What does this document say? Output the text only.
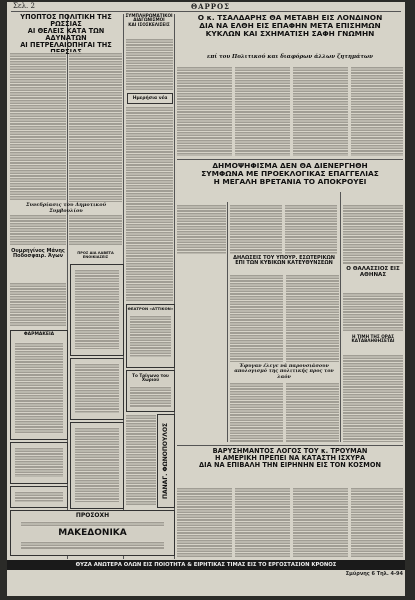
Σελ. 2	ΘΑΡΡΟΣ
ΥΠΟΠΤΟΣ ΠΟΛΙΤΙΚΗ ΤΗΣ ΡΩΣΣΙΑΣ
ΑΙ ΘΕΛΕΙΣ ΚΑΤΑ ΤΩΝ ΑΔΥΝΑΤΩΝ
ΑΙ ΠΕΤΡΕΛΑΙΟΠΗΓΑΙ ΤΗΣ
ΣΥΜΠΛΗΡΩΜΑΤΙΚΟΙ ΔΙΑΓΩΝΙΣΜΟΙ
ΚΑΙ ΙΣΟΣΚΕΛΙΣΕΙΣ
Ημερήσια νέα
Ο κ. ΤΣΑΛΔΑΡΗΣ ΘΑ ΜΕΤΑΒΗ ΕΙΣ ΛΟΝΔΙΝΟΝ
ΔΙΑ ΝΑ ΕΛΘΗ ΕΙΣ ΕΠΑΦΗΝ ΜΕΤΑ ΕΠΙΣΗΜΩΝ
ΚΥΚΛΩΝ ΚΑΙ ΣΧΗΜΑΤΙΣΗ ΣΑΦΗ ΓΝΩΜΗΝ
επί του Πολιτικού και διαφόρων άλλων ζητημάτων
ΔΗΜΟΨΗΦΙΣΜΑ ΔΕΝ ΘΑ ΔΙΕΝΕΡΓΗΘΗ
ΣΥΜΦΩΝΑ ΜΕ ΠΡΟΕΚΛΟΓΙΚΑΣ ΕΠΑΓΓΕΛΙΑΣ
Η ΜΕΓΑΛΗ ΒΡΕΤΑΝΙΑ ΤΟ ΑΠΟΚΡΟΥΕΙ
ΔΗΛΩΣΕΙΣ ΤΟΥ ΥΠΟΥΡ. ΕΣΩΤΕΡΙΚΩΝ
ΕΠΙ ΤΩΝ ΚΥΒΙΚΩΝ ΚΑΤΕΥΘΥΝΣΕΩΝ
Έφυγαν έλεγε νά παρουσιάσουν απολογισμό της πολιτικής προς τον λαόν
Ο ΘΑΛΑΣΣΙΟΣ ΕΙΣ ΑΘΗΝΑΣ
Η ΤΙΜΗ ΤΗΣ ΟΡΑΣ ΚΑΤΑΒΛΗΘΗΣΕΤΑΙ
ΒΑΡΥΣΗΜΑΝΤΟΣ ΛΟΓΟΣ ΤΟΥ κ. ΤΡΟΥΜΑΝ
Η ΑΜΕΡΙΚΗ ΠΡΕΠΕΙ ΝΑ ΚΑΤΑΣΤΗ ΙΣΧΥΡΑ
ΔΙΑ ΝΑ ΕΠΙΒΑΛΗ ΤΗΝ ΕΙΡΗΝΗΝ ΕΙΣ ΤΟΝ ΚΟΣΜΟΝ
Συνεδρίασις του Δημοτικού Συμβουλίου
Ουμρηγίνος Μάνης
Ποδοσφαιρ. Άγων
ΦΑΡΜΑΚΕΙΑ
ΠΡΟΣ ΔΙΑ ΛΑΒΕΤΑ ΕΝΟΙΚΙΑΣΕΙΣ
ΘΕΑΤΡΟΝ «ΑΤΤΙΚΟΝ»
Το Τρίγωνο του Χωριού
ΠΑΝΑΓ. ΦΩΝΟΠΟΥΛΟΣ
ΠΡΟΣΟΧΗ
ΜΑΚΕΔΟΝΙΚΑ
ΘΥΖΑ ΑΝΩΤΕΡΑ ΟΛΩΝ ΕΙΣ ΠΟΙΟΤΗΤΑ & ΕΙΡΗΤΙΚΑΣ ΤΙΜΑΣ ΕΙΣ ΤΟ ΕΡΓΟΣΤΑΣΙΟΝ ΚΡΟΝΟΣ
Σμύρνης 6 Τηλ. 4-94
